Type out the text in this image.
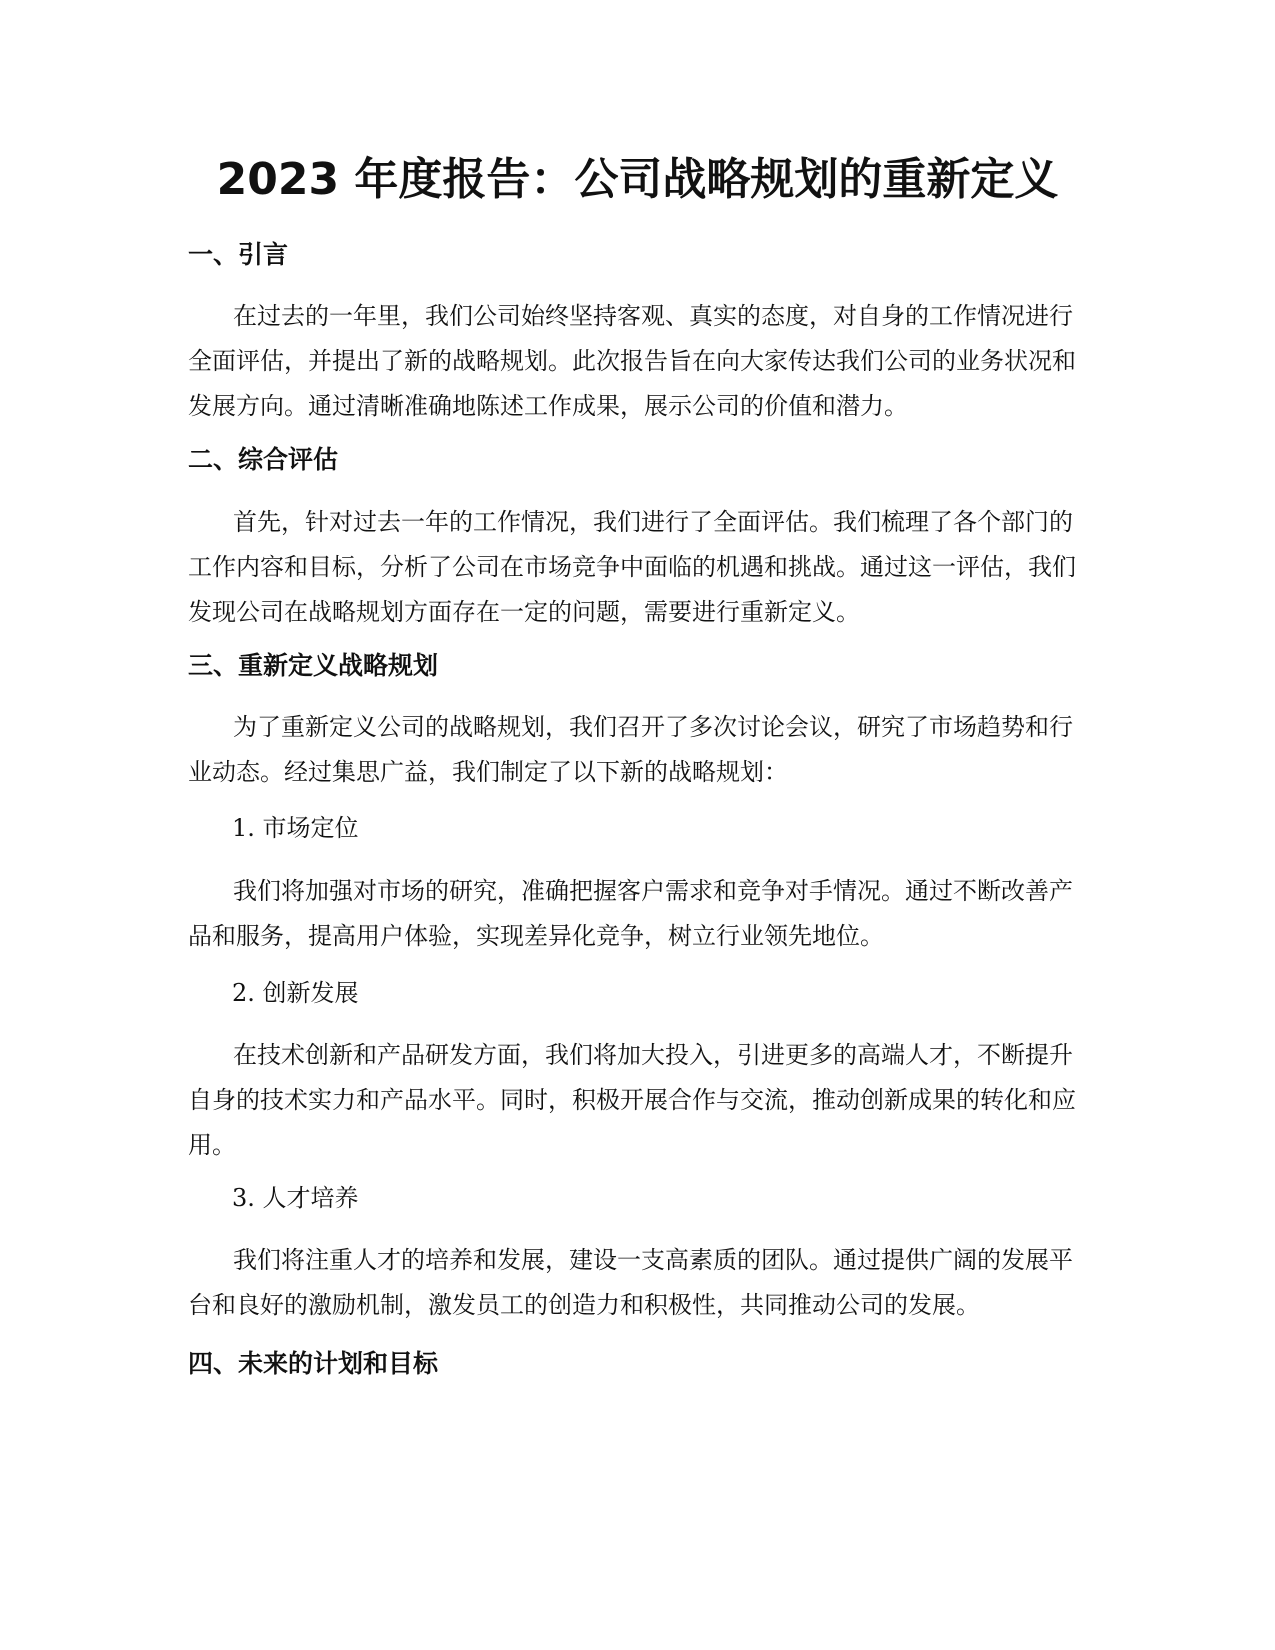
2023 年度报告：公司战略规划的重新定义
一、引言

在过去的一年里，我们公司始终坚持客观、真实的态度，对自身的工作情况进行全面评估，并提出了新的战略规划。此次报告旨在向大家传达我们公司的业务状况和发展方向。通过清晰准确地陈述工作成果，展示公司的价值和潜力。

二、综合评估

首先，针对过去一年的工作情况，我们进行了全面评估。我们梳理了各个部门的工作内容和目标，分析了公司在市场竞争中面临的机遇和挑战。通过这一评估，我们发现公司在战略规划方面存在一定的问题，需要进行重新定义。

三、重新定义战略规划

为了重新定义公司的战略规划，我们召开了多次讨论会议，研究了市场趋势和行业动态。经过集思广益，我们制定了以下新的战略规划：

1. 市场定位

我们将加强对市场的研究，准确把握客户需求和竞争对手情况。通过不断改善产品和服务，提高用户体验，实现差异化竞争，树立行业领先地位。

2. 创新发展

在技术创新和产品研发方面，我们将加大投入，引进更多的高端人才，不断提升自身的技术实力和产品水平。同时，积极开展合作与交流，推动创新成果的转化和应用。

3. 人才培养

我们将注重人才的培养和发展，建设一支高素质的团队。通过提供广阔的发展平台和良好的激励机制，激发员工的创造力和积极性，共同推动公司的发展。

四、未来的计划和目标
